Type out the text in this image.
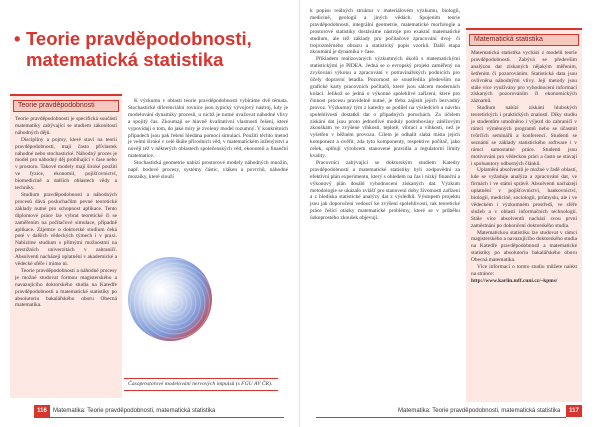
• Teorie pravděpodobnosti,
matematická statistika
Teorie pravděpodobnosti

Teorie pravděpodobnosti je specifická součástí matematiky zabývající se studiem zákonitostí náhodných dějů.

Disciplíny a pojmy, které staví na teorii pravděpodobnosti, mají často přívlastek náhodné nebo stochastické. Náhodný proces je model pro náhodný děj probíhající v čase nebo v prostoru. Takové modely mají široké použití ve fyzice, ekonomii, pojišťovnictví, biomedicíně a dalších oblastech vědy a techniky.

Studium pravděpodobnosti a náhodných procesů dává posluchačům pevné teoretické základy nutné pro schopnost aplikace. Tento diplomové práce lze vybrat teoretické či se zaměřením na počítačové simulace, případně aplikace. Zájemce o doktorské studium čeká poté v dalších vědeckých týmech i v praxi. Nabízíme studium s přímými možnostmi na prestižních univerzitách v zahraničí. Absolventi nacházejí uplatnění v akademické a vědecké sféře i mimo ni.

Teorie pravděpodobnosti a náhodné procesy je možné studovat formou magisterského a navazujícího doktorského studia na Katedře pravděpodobnosti a matematické statistiky po absolutoriu bakalářského oboru Obecná matematika.

K výzkumu v oblasti teorie pravděpodobnosti vybíráme dvě témata. Stochastické diferenciální rovnice jsou typický vývojový nástroj, kdy je modelování dynamiky procesů, u nichž je nutné uvažovat náhodné vlivy a spojitý čas. Zkoumají se hlavně kvalitativní vlastnosti řešení, které vypovídají o tom, do jaké míry je zvolený model rozumný. V konkrétních případech jsou pak řešení hledána pomocí simulací. Použití těchto metod je velmi široké v celé škále přírodních věd, v matematickém inženýrství a nověji též v některých oblastech společenských věd, ekonomii a finanční matematice.

Stochastická geometrie nabízí prostorové modely náhodných množin, např. bodové procesy, systémy částic, vláken a povrchů, náhodné mozaiky, které slouží

Časoprostorové modelování nervových impulsů (s FGU AV ČR).
116	Matematika: Teorie pravděpodobnosti, matematická statistika

k popisu reálných struktur v materiálovém výzkumu, biologii, medicíně, geologii a jiných vědách. Spojením teorie pravděpodobnosti, integrální geometrie, matematické morfologie a prostorové statistiky dostáváme nástroje pro exaktní matematické studium, ale též základy pro počítačové zpracování dvoj- či trojrozměrného obrazu a statistický popis vzorků. Další etapa zkoumání je dynamika v čase.

Příkladem realizovaných výzkumných úkolů s matematickými statistickými je PIDEA. Jedná se o evropský projekt zaměřený na zvyšování výkonu a zpracování v potravinářských podnicích pro účely dopravní letadla. Pozornost se soustředila především na grafické karty pracovních počítačů, které jsou sálcem modernách kolací. Jelikož se jedná o výkonné spolehlivé zařízení, které pro činnost procesu pravidelně nutné, je třeba zajistit jejich bezvadný provoz. Výzkumný tým z katedry se podílel na výsledcích a návrhu spolehlivostí dostatků dat o případných poruchách. Za účelem získání dat jsou proto jednotlivé moduly podrobovány zátěžovým zkouškám ve zvýšené vlhkosti, teplotě, vibraci a vlhkosti, než je vyšetřen v běžném provozu. Cílem je odhalit slabá místa jejich komponent a ověřit, zda tyto komponenty, respektive počítač, jako celek, splňují výrobcem stanovené pravidla a regulatorní limity kvality.

Pracovníci zabývající se doktorským studiem Katedry pravděpodobnosti a matematické statistiky byli zodpovědní za efektivní plán experimentu, který s ohledem na čas i nízký finanční a výkonový plán dosáhl vyhodnocení získaných dat. Výzkum metodologie se ukázalo zvlášť pro stanovení doby životnosti zařízení a z hlediska statistické analýzy dat z výsledků. Výstupem projektu jsou jak doporučení vedoucí ke zvýšení spolehlivosti, tak teoretické práce řešící otázky matematické problémy, které se v průběhu úzkoprostého zkoušek objevují.

Matematická statistika

Matematická statistika vychází z modelů teorie pravděpodobnosti. Zabývá se především analýzou dat získaných nějakým měřením, šetřením či pozorováním. Statistická data jsou ovlivněna náhodnými vlivy. Její metody jsou stále více využívány pro vyhodnocení informací získaných pozorováním či ekonomických záznamů.

Studium nabízí získání hlubokých teoretických i praktických znalostí. Díky studiu je studentům umožněno i výjezd do zahraničí v rámci výměnných programů nebo se účastnit tvůrčích seminářů a konferencí. Studenti se seznámí se základy statistického software i v rámci samostatné práce. Studenti jsou motivováni pro vědeckou práci a často se stávají i spoluautory odborných článků.

Uplatnění absolventů je možné v řadě oblastí, kde se vyžaduje analýza a zpracování dat, ve firmách i ve státní správě. Absolventi nacházejí uplatnění v pojišťovnictví, bankovnictví, biologii, medicíně, sociologii, průmyslu, ale i ve vědeckém i výzkumném prostředí, ve sféře služeb a v oblasti informačních technologií. Stále více absolventů nachází svou první zaměstnání po dokončení doktorského studia.

Matematickou statistiku lze studovat v rámci magisterského a navazujícího doktorského studia na Katedře pravděpodobnosti a matematické statistiky po absolutoriu bakalářského oboru Obecná matematika.

Více informací o tomto studiu můžete nalézt na stránce:

http://www.karlin.mff.cuni.cz/~kpms/

Matematika: Teorie pravděpodobnosti, matematická statistika	117
